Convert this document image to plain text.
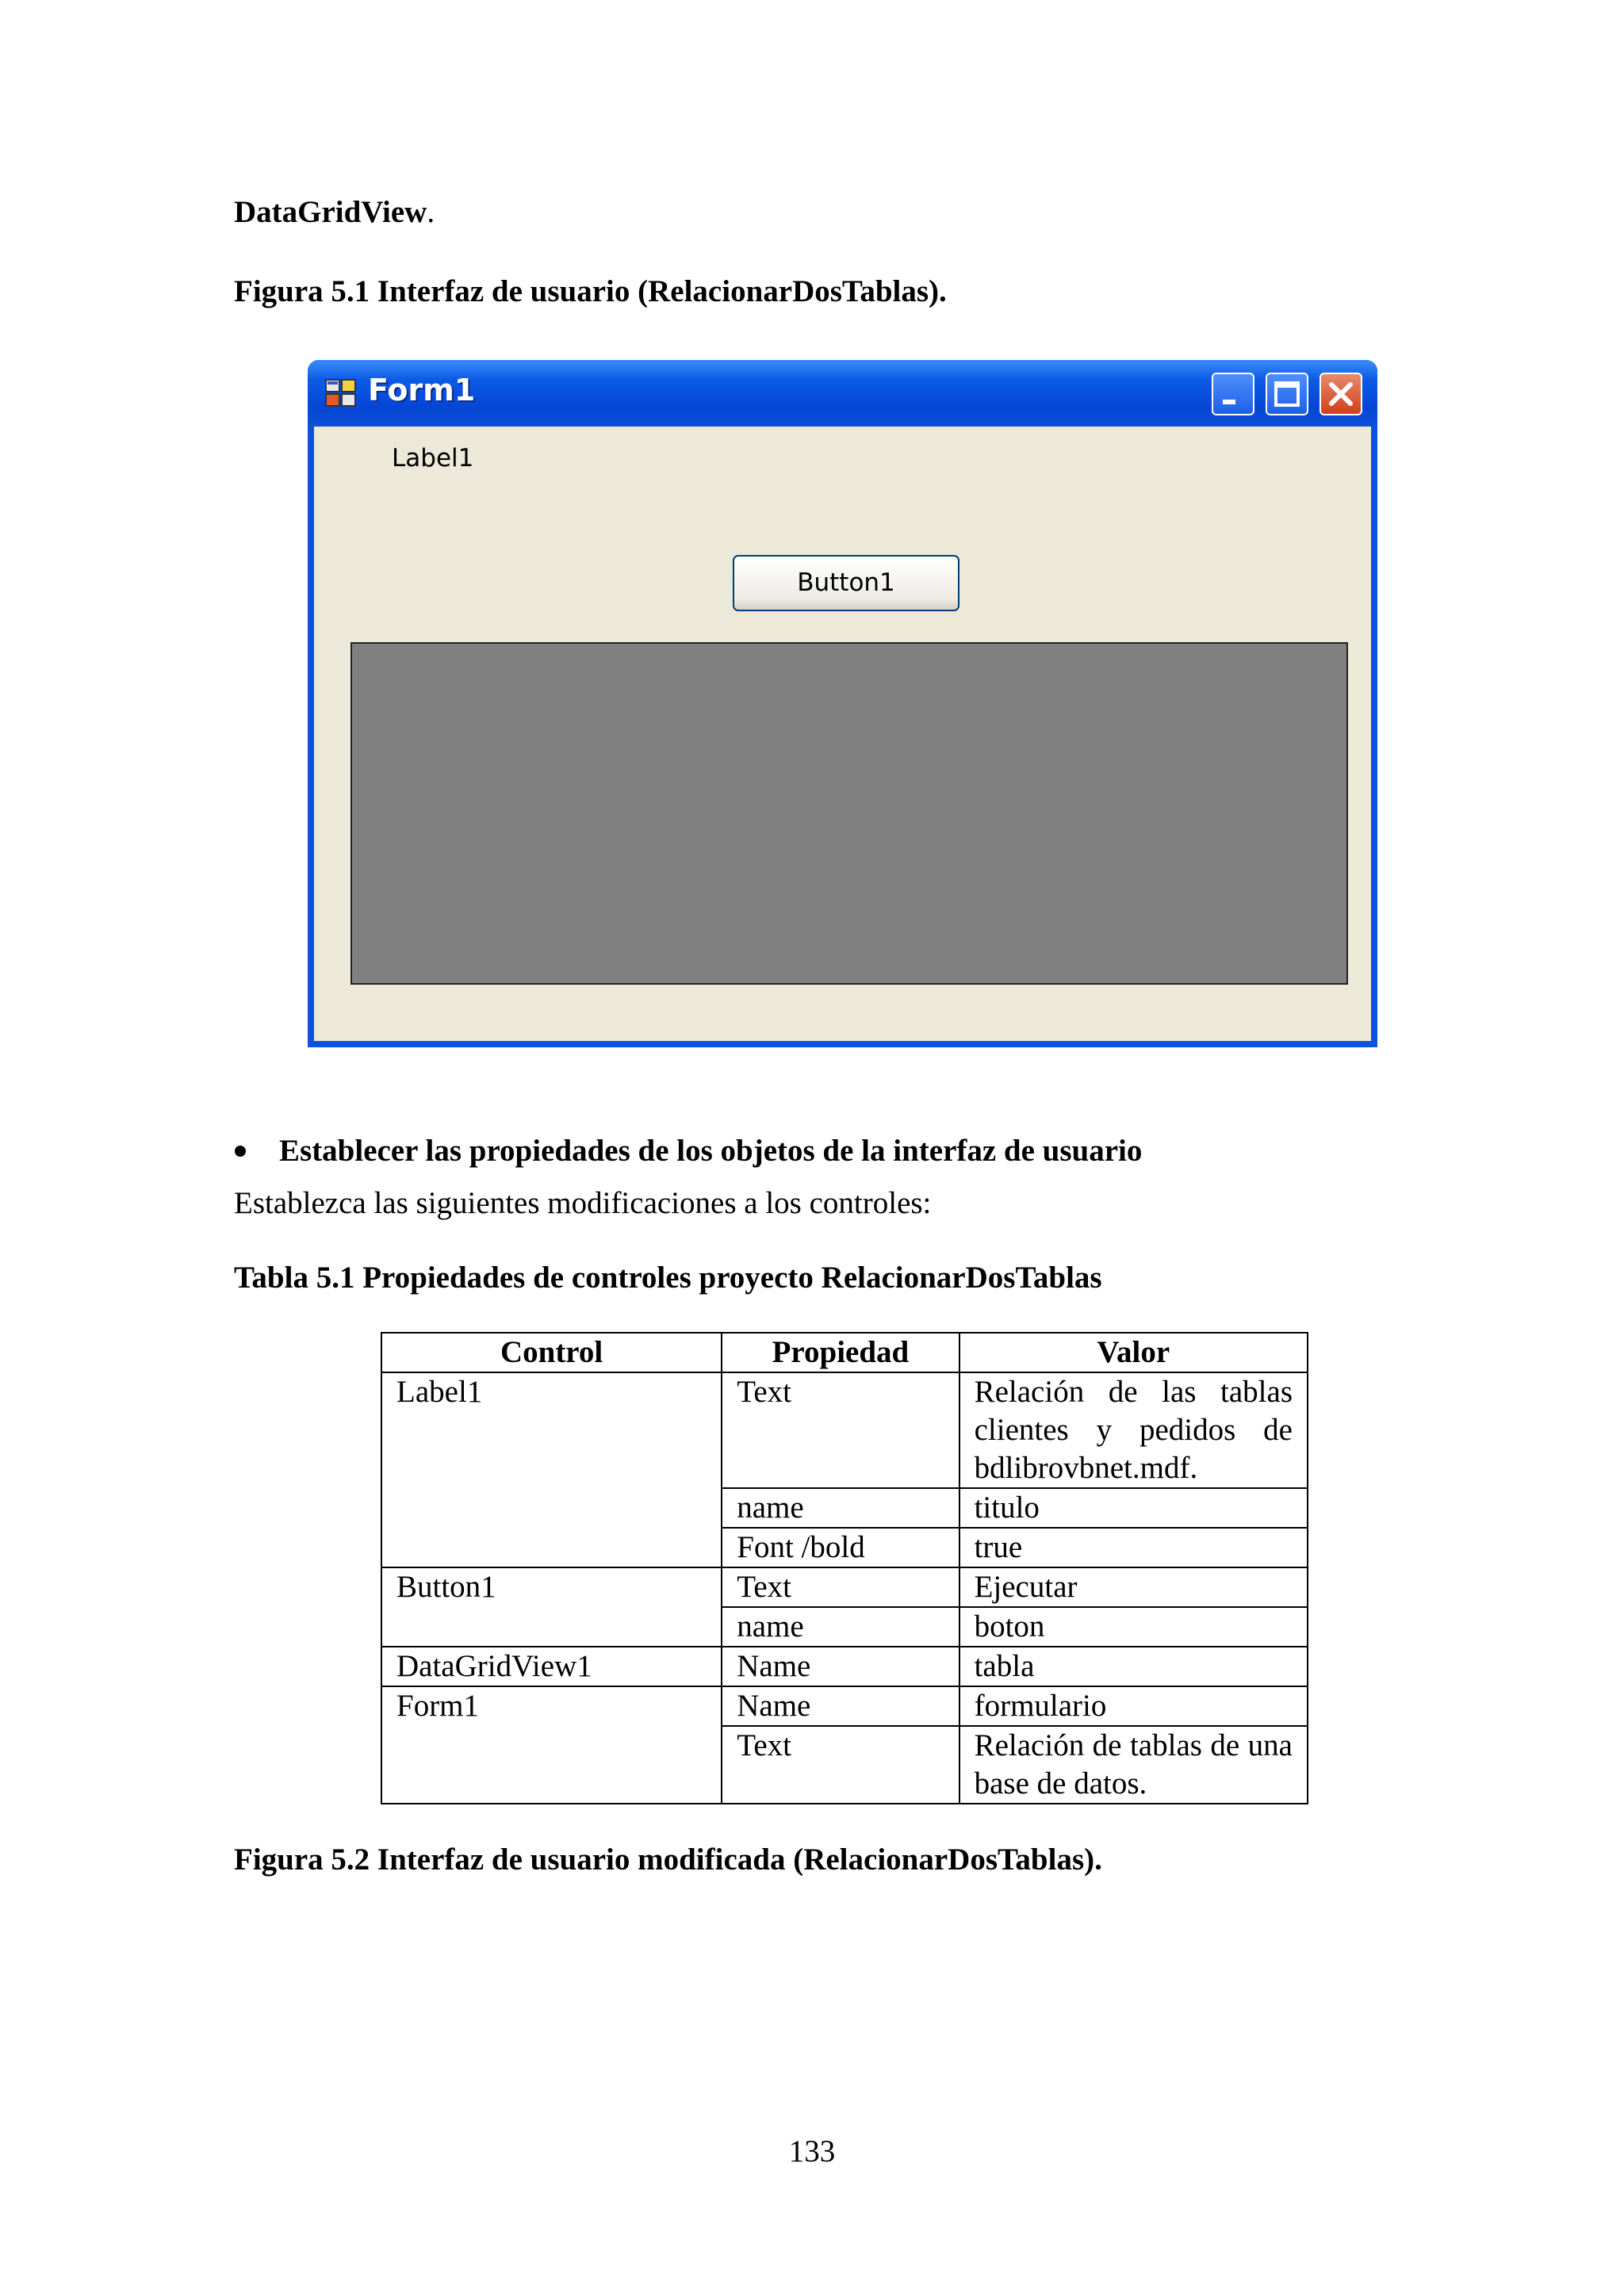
DataGridView.
Figura 5.1 Interfaz de usuario (RelacionarDosTablas).
Form1
Label1
Button1
Establecer las propiedades de los objetos de la interfaz de usuario
Establezca las siguientes modificaciones a los controles:
Tabla 5.1 Propiedades de controles proyecto RelacionarDosTablas
Control	Propiedad	Valor
Label1	Text	Relación de las tablas clientes y pedidos de bdlibrovbnet.mdf.
	name	titulo
	Font /bold	true
Button1	Text	Ejecutar
	name	boton
DataGridView1	Name	tabla
Form1	Name	formulario
	Text	Relación de tablas de una base de datos.
Figura 5.2 Interfaz de usuario modificada (RelacionarDosTablas).
133
